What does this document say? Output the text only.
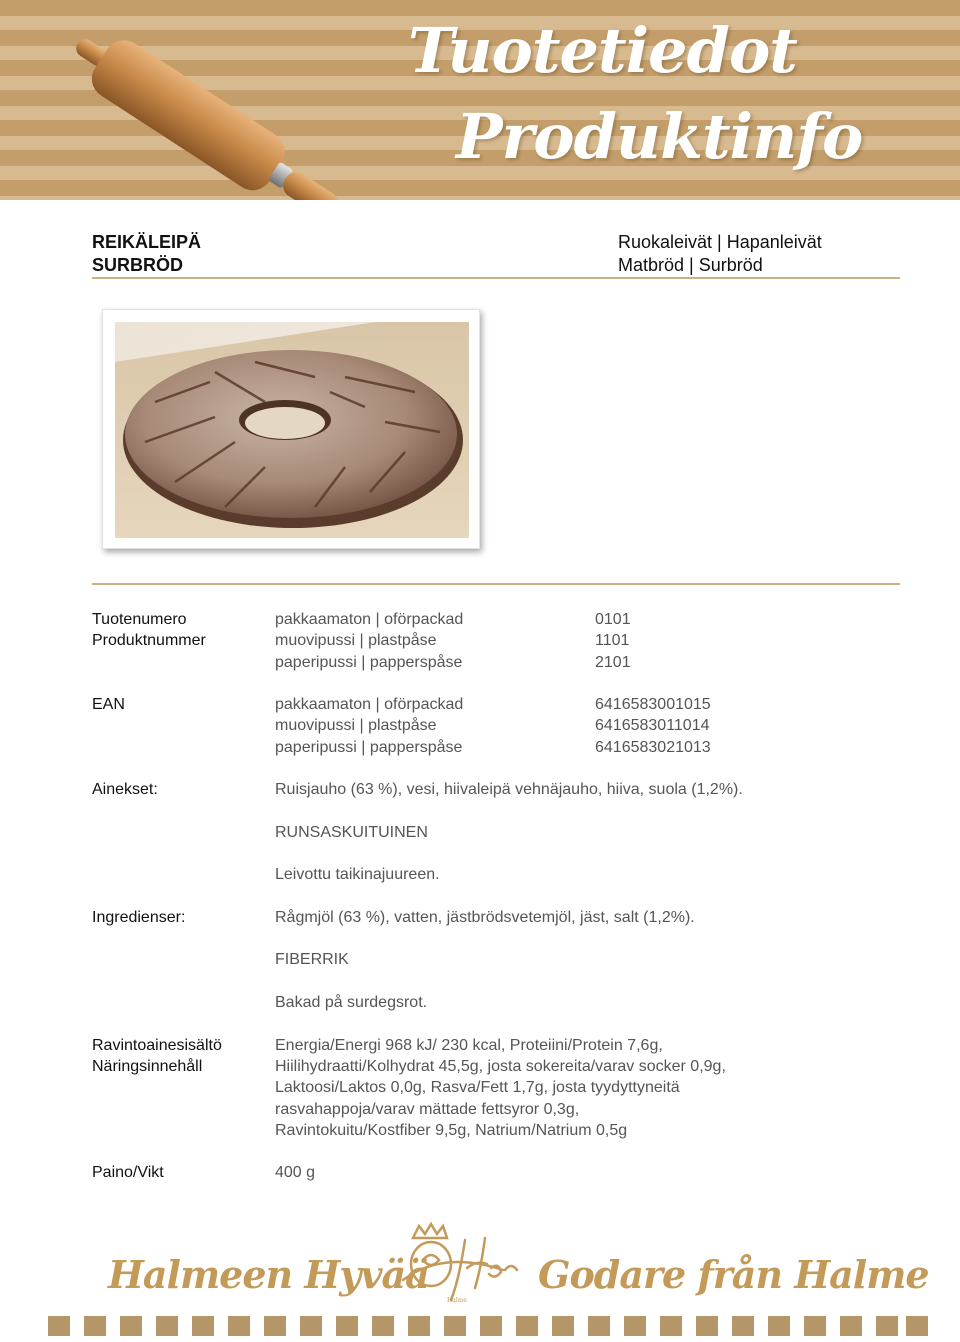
Tuotetiedot
Produktinfo
REIKÄLEIPÄ
SURBRÖD
Ruokaleivät | Hapanleivät
Matbröd | Surbröd
Tuotenumero
Produktnummer
pakkaamaton | oförpackad	0101
muovipussi | plastpåse	1101
paperipussi | papperspåse	2101
EAN	pakkaamaton | oförpackad	6416583001015
muovipussi | plastpåse	6416583011014
paperipussi | papperspåse	6416583021013
Ainekset:	Ruisjauho (63 %), vesi, hiivaleipä vehnäjauho, hiiva, suola (1,2%).
RUNSASKUITUINEN
Leivottu taikinajuureen.
Ingredienser:	Rågmjöl (63 %), vatten, jästbrödsvetemjöl, jäst, salt (1,2%).
FIBERRIK
Bakad på surdegsrot.
Ravintoainesisältö
Näringsinnehåll
Energia/Energi 968 kJ/ 230 kcal, Proteiini/Protein 7,6g,
Hiilihydraatti/Kolhydrat 45,5g, josta sokereita/varav socker 0,9g,
Laktoosi/Laktos 0,0g, Rasva/Fett 1,7g, josta tyydyttyneitä
rasvahappoja/varav mättade fettsyror 0,3g,
Ravintokuitu/Kostfiber 9,5g, Natrium/Natrium 0,5g
Paino/Vikt	400 g
Halmeen Hyvää
Halme
Godare från Halme
